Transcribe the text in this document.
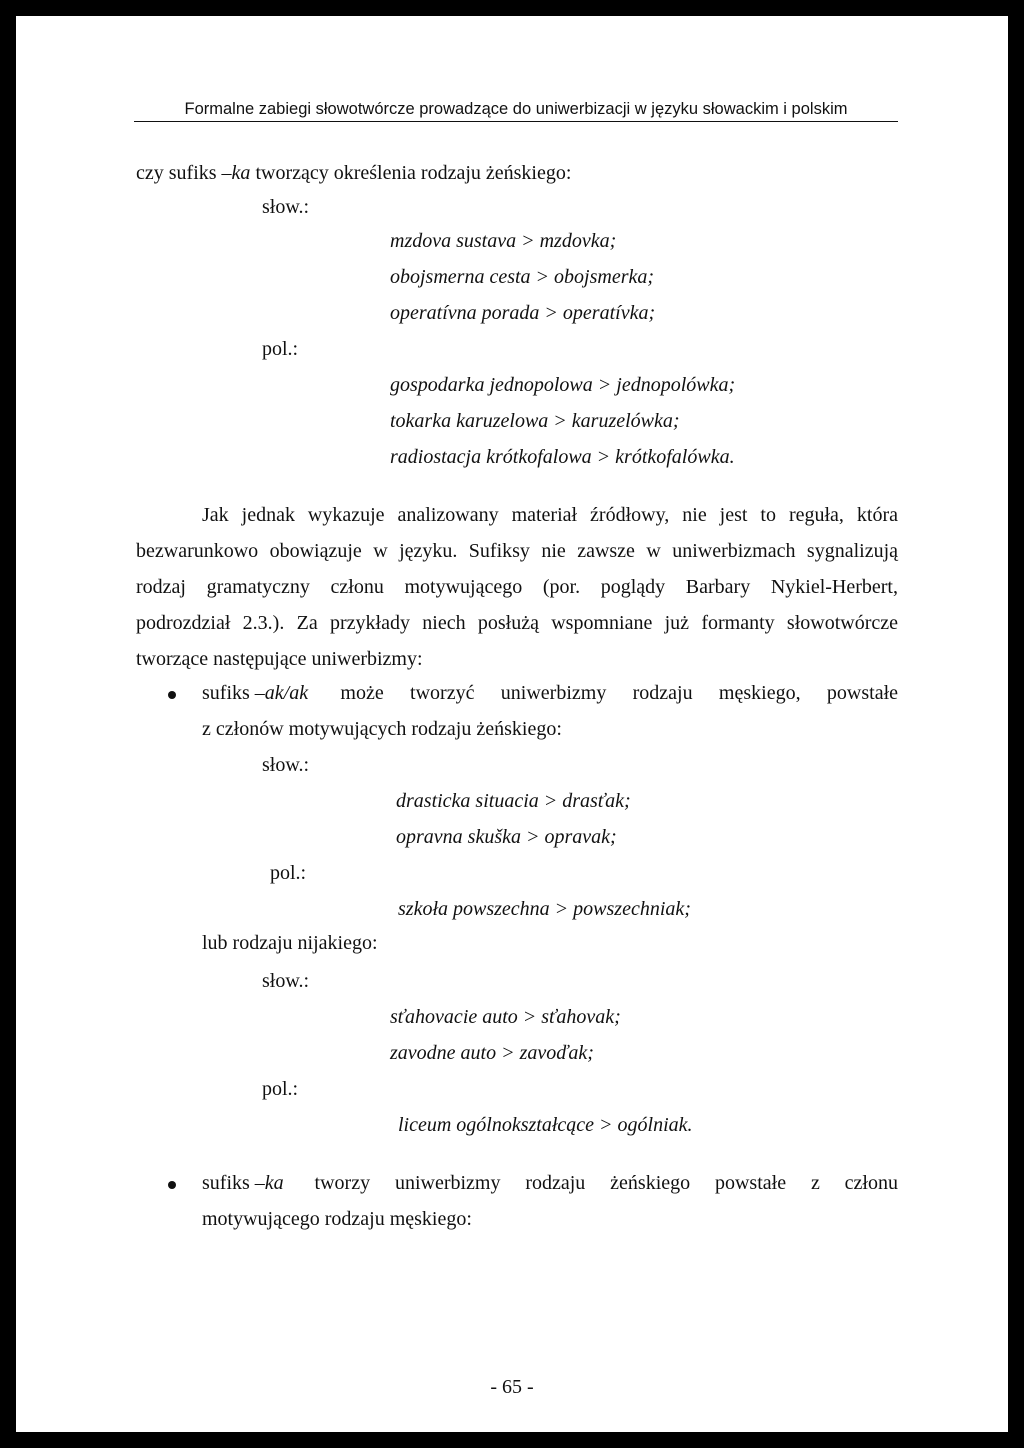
Formalne zabiegi słowotwórcze prowadzące do uniwerbizacji w języku słowackim i polskim
czy sufiks –ka tworzący określenia rodzaju żeńskiego:
słow.:
mzdova sustava > mzdovka;
obojsmerna cesta > obojsmerka;
operatívna porada > operatívka;
pol.:
gospodarka jednopolowa > jednopolówka;
tokarka karuzelowa > karuzelówka;
radiostacja krótkofalowa > krótkofalówka.
Jak jednak wykazuje analizowany materiał źródłowy, nie jest to reguła, która
bezwarunkowo obowiązuje w języku. Sufiksy nie zawsze w uniwerbizmach sygnalizują
rodzaj gramatyczny członu motywującego (por. poglądy Barbary Nykiel-Herbert,
podrozdział 2.3.). Za przykłady niech posłużą wspomniane już formanty słowotwórcze
tworzące następujące uniwerbizmy:
sufiks –ak/ak może tworzyć uniwerbizmy rodzaju męskiego, powstałe
z członów motywujących rodzaju żeńskiego:
słow.:
drasticka situacia > drasťak;
opravna skuška > opravak;
pol.:
szkoła powszechna > powszechniak;
lub rodzaju nijakiego:
słow.:
sťahovacie auto > sťahovak;
zavodne auto > zavoďak;
pol.:
liceum ogólnokształcące > ogólniak.
sufiks –ka tworzy uniwerbizmy rodzaju żeńskiego powstałe z członu
motywującego rodzaju męskiego:
- 65 -
